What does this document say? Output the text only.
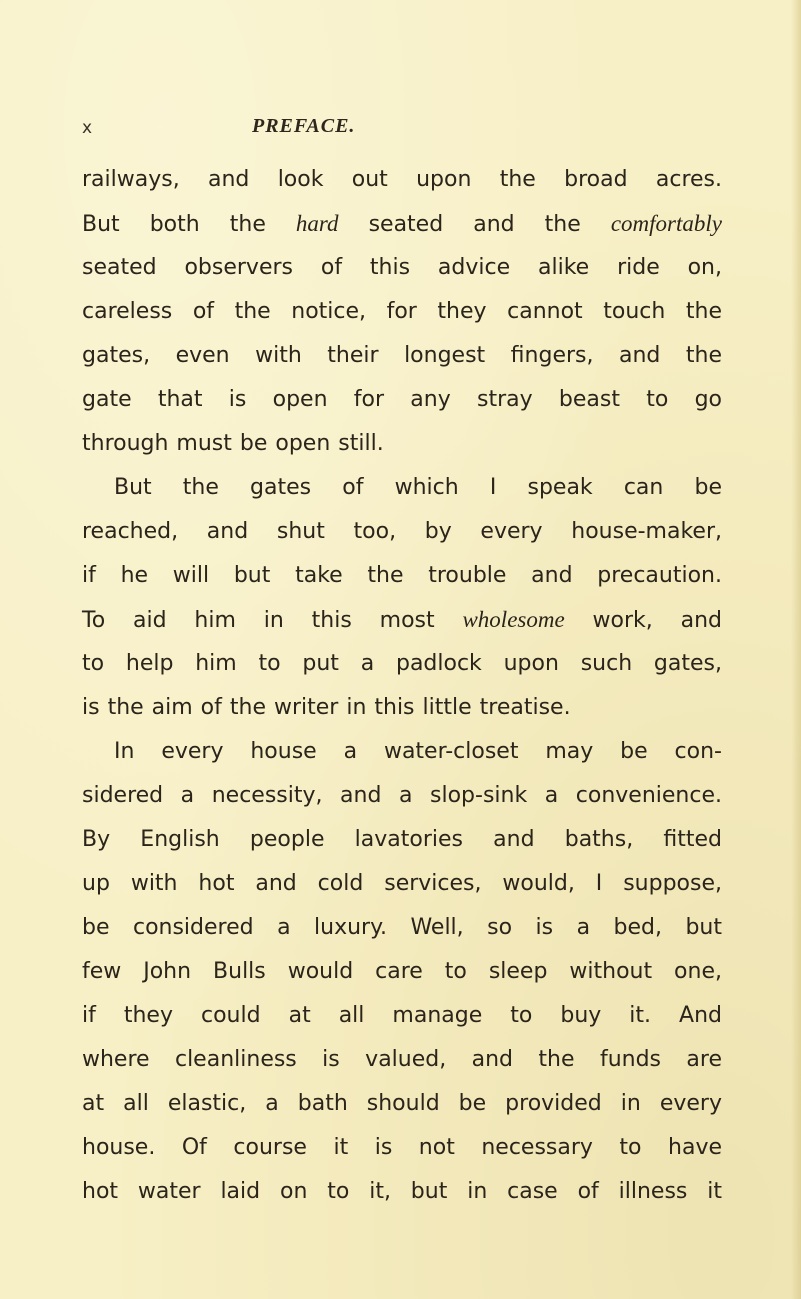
x	PREFACE.
railways, and look out upon the broad acres.
But both the hard seated and the comfortably
seated observers of this advice alike ride on,
careless of the notice, for they cannot touch the
gates, even with their longest fingers, and the
gate that is open for any stray beast to go
through must be open still.
But the gates of which I speak can be
reached, and shut too, by every house-maker,
if he will but take the trouble and precaution.
To aid him in this most wholesome work, and
to help him to put a padlock upon such gates,
is the aim of the writer in this little treatise.
In every house a water-closet may be con-
sidered a necessity, and a slop-sink a convenience.
By English people lavatories and baths, fitted
up with hot and cold services, would, I suppose,
be considered a luxury. Well, so is a bed, but
few John Bulls would care to sleep without one,
if they could at all manage to buy it. And
where cleanliness is valued, and the funds are
at all elastic, a bath should be provided in every
house. Of course it is not necessary to have
hot water laid on to it, but in case of illness it
